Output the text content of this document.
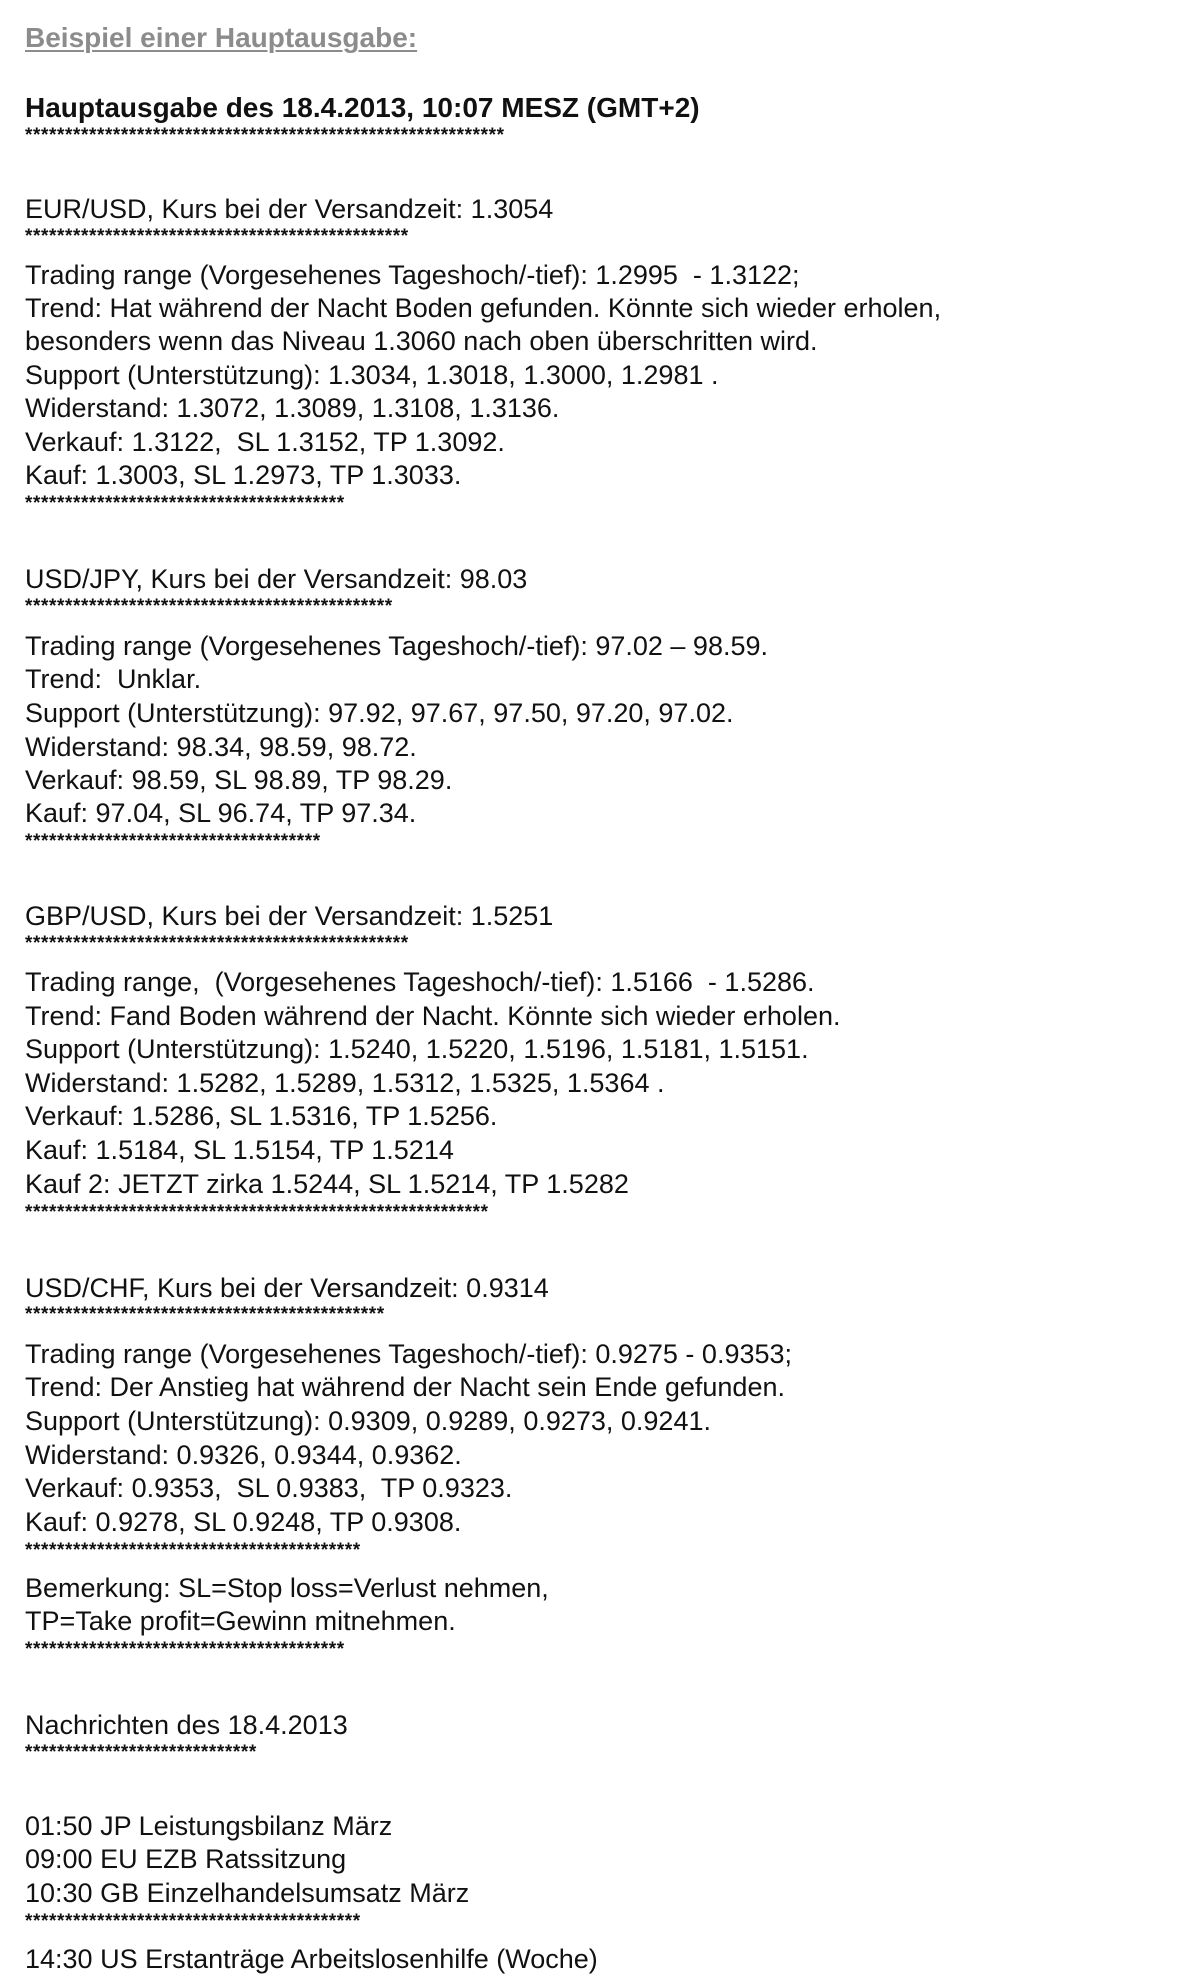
Beispiel einer Hauptausgabe:
Hauptausgabe des 18.4.2013, 10:07 MESZ (GMT+2)
************************************************************
EUR/USD, Kurs bei der Versandzeit: 1.3054
************************************************
Trading range (Vorgesehenes Tageshoch/-tief): 1.2995  - 1.3122;
Trend: Hat während der Nacht Boden gefunden. Könnte sich wieder erholen,
besonders wenn das Niveau 1.3060 nach oben überschritten wird.
Support (Unterstützung): 1.3034, 1.3018, 1.3000, 1.2981 .
Widerstand: 1.3072, 1.3089, 1.3108, 1.3136.
Verkauf: 1.3122,  SL 1.3152, TP 1.3092.
Kauf: 1.3003, SL 1.2973, TP 1.3033.
****************************************
USD/JPY, Kurs bei der Versandzeit: 98.03
**********************************************
Trading range (Vorgesehenes Tageshoch/-tief): 97.02 – 98.59.
Trend:  Unklar.
Support (Unterstützung): 97.92, 97.67, 97.50, 97.20, 97.02.
Widerstand: 98.34, 98.59, 98.72.
Verkauf: 98.59, SL 98.89, TP 98.29.
Kauf: 97.04, SL 96.74, TP 97.34.
*************************************
GBP/USD, Kurs bei der Versandzeit: 1.5251
************************************************
Trading range,  (Vorgesehenes Tageshoch/-tief): 1.5166  - 1.5286.
Trend: Fand Boden während der Nacht. Könnte sich wieder erholen.
Support (Unterstützung): 1.5240, 1.5220, 1.5196, 1.5181, 1.5151.
Widerstand: 1.5282, 1.5289, 1.5312, 1.5325, 1.5364 .
Verkauf: 1.5286, SL 1.5316, TP 1.5256.
Kauf: 1.5184, SL 1.5154, TP 1.5214
Kauf 2: JETZT zirka 1.5244, SL 1.5214, TP 1.5282
**********************************************************
USD/CHF, Kurs bei der Versandzeit: 0.9314
*********************************************
Trading range (Vorgesehenes Tageshoch/-tief): 0.9275 - 0.9353;
Trend: Der Anstieg hat während der Nacht sein Ende gefunden.
Support (Unterstützung): 0.9309, 0.9289, 0.9273, 0.9241.
Widerstand: 0.9326, 0.9344, 0.9362.
Verkauf: 0.9353,  SL 0.9383,  TP 0.9323.
Kauf: 0.9278, SL 0.9248, TP 0.9308.
******************************************
Bemerkung: SL=Stop loss=Verlust nehmen,
TP=Take profit=Gewinn mitnehmen.
****************************************
Nachrichten des 18.4.2013
*****************************
01:50 JP Leistungsbilanz März
09:00 EU EZB Ratssitzung
10:30 GB Einzelhandelsumsatz März
******************************************
14:30 US Erstanträge Arbeitslosenhilfe (Woche)
